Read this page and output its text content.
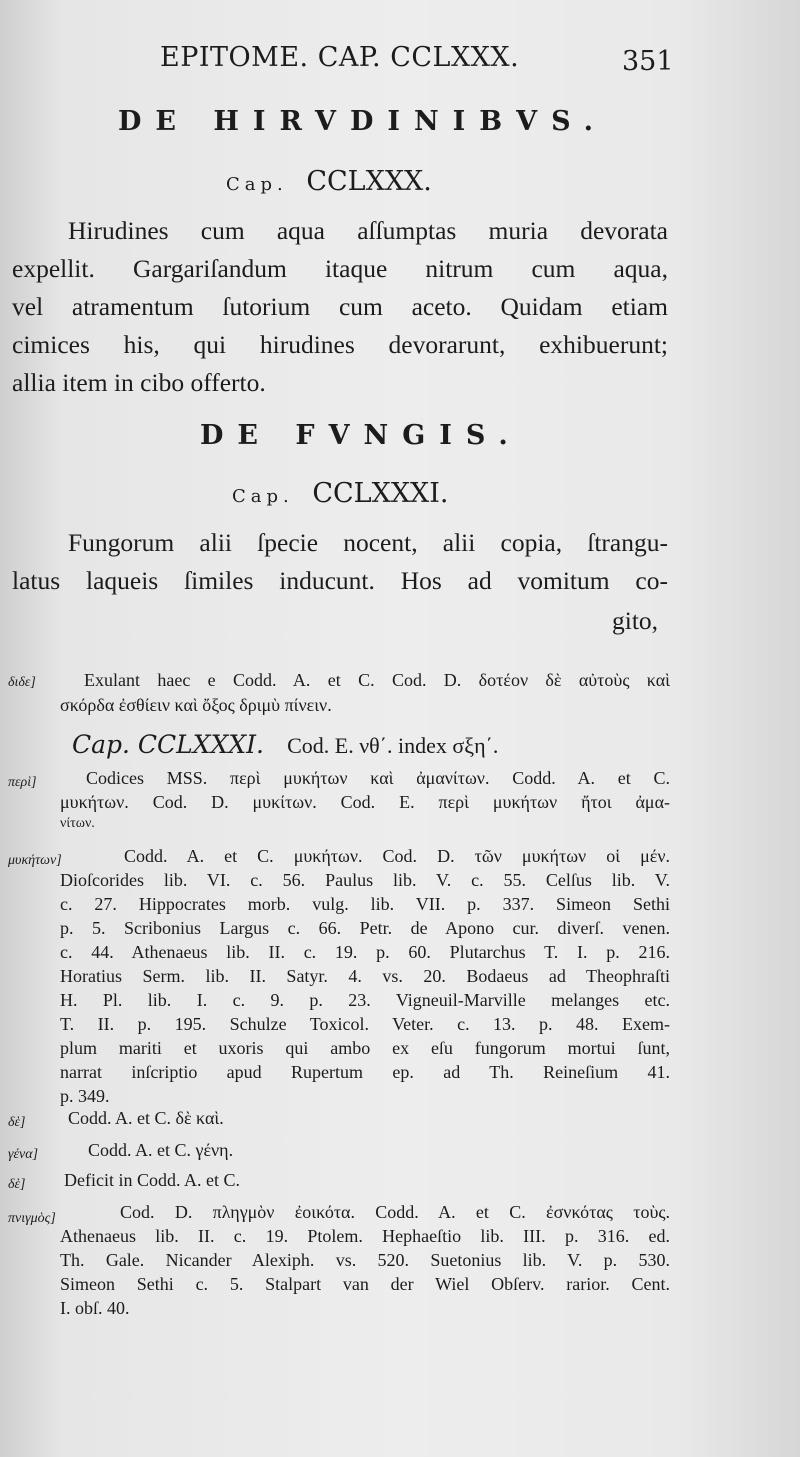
EPITOME. CAP. CCLXXX.	351
DE HIRVDINIBVS.
Cap. CCLXXX.
Hirudines cum aqua aſſumptas muria devorata
expellit. Gargariſandum itaque nitrum cum aqua,
vel atramentum ſutorium cum aceto. Quidam etiam
cimices his, qui hirudines devorarunt, exhibuerunt;
allia item in cibo offerto.
DE FVNGIS.
Cap. CCLXXXI.
Fungorum alii ſpecie nocent, alii copia, ſtrangu-
latus laqueis ſimiles inducunt. Hos ad vomitum co-
gito,
διδε]	Exulant haec e Codd. A. et C. Cod. D. δοτέον δὲ αὐτοὺς καὶ
σκόρδα ἐσθίειν καὶ ὄξος δριμὺ πίνειν.
Cap. CCLXXXI. Cod. E. νθ΄. index σξη΄.
περὶ]	Codices MSS. περὶ μυκήτων καὶ ἀμανίτων. Codd. A. et C.
μυκήτων. Cod. D. μυκίτων. Cod. E. περὶ μυκήτων ἤτοι ἀμα-
νίτων.
μυκήτων]	Codd. A. et C. μυκήτων. Cod. D. τῶν μυκήτων οἱ μέν.
Dioſcorides lib. VI. c. 56. Paulus lib. V. c. 55. Celſus lib. V.
c. 27. Hippocrates morb. vulg. lib. VII. p. 337. Simeon Sethi
p. 5. Scribonius Largus c. 66. Petr. de Apono cur. diverſ. venen.
c. 44. Athenaeus lib. II. c. 19. p. 60. Plutarchus T. I. p. 216.
Horatius Serm. lib. II. Satyr. 4. vs. 20. Bodaeus ad Theophraſti
H. Pl. lib. I. c. 9. p. 23. Vigneuil-Marville melanges etc.
T. II. p. 195. Schulze Toxicol. Veter. c. 13. p. 48. Exem-
plum mariti et uxoris qui ambo ex eſu fungorum mortui ſunt,
narrat inſcriptio apud Rupertum ep. ad Th. Reineſium 41.
p. 349.
δὲ] Codd. A. et C. δὲ καὶ.
γένα]	Codd. A. et C. γένη.
δὲ] Deficit in Codd. A. et C.
πνιγμὸς]	Cod. D. πληγμὸν ἐοικότα. Codd. A. et C. ἐσνκότας τοὺς.
Athenaeus lib. II. c. 19. Ptolem. Hephaeſtio lib. III. p. 316. ed.
Th. Gale. Nicander Alexiph. vs. 520. Suetonius lib. V. p. 530.
Simeon Sethi c. 5. Stalpart van der Wiel Obſerv. rarior. Cent.
I. obſ. 40.
